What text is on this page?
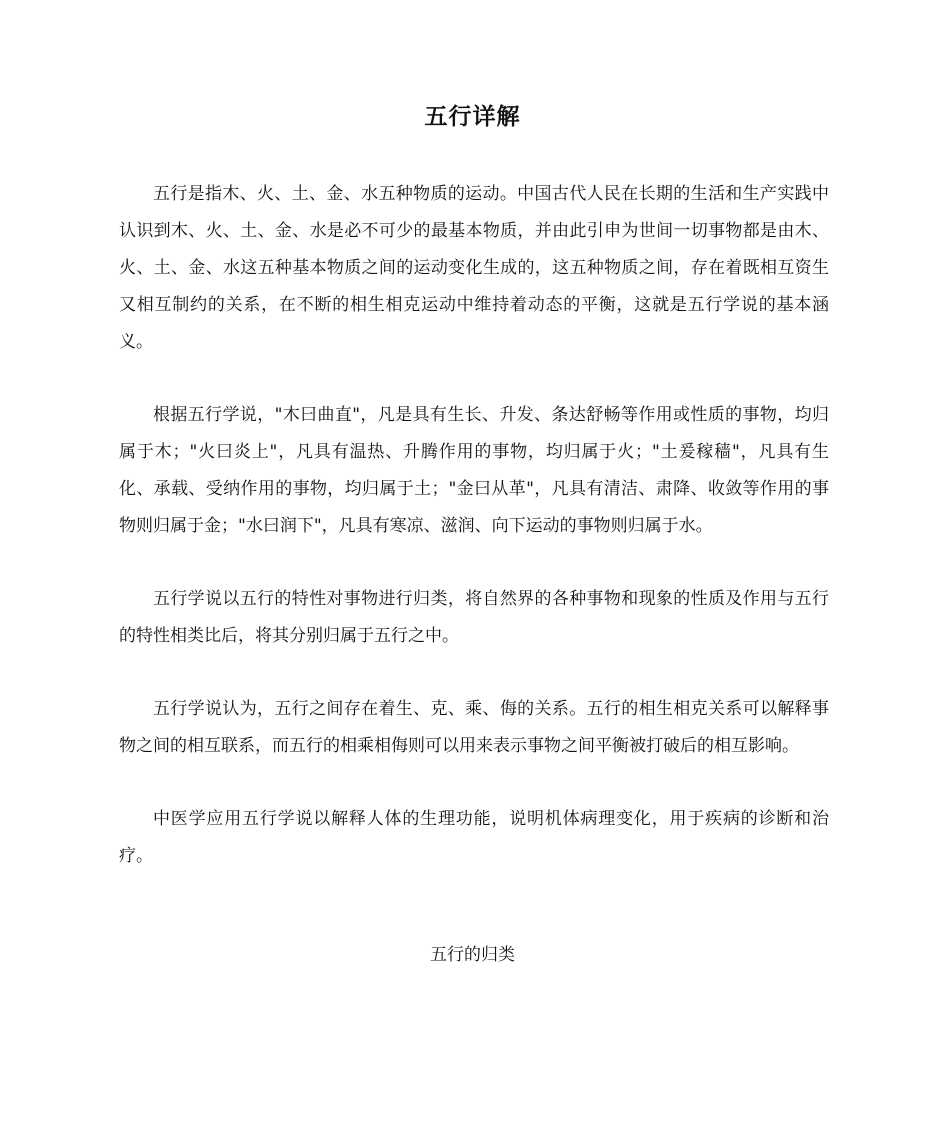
五行详解

五行是指木、火、土、金、水五种物质的运动。中国古代人民在长期的生活和生产实践中认识到木、火、土、金、水是必不可少的最基本物质，并由此引申为世间一切事物都是由木、火、土、金、水这五种基本物质之间的运动变化生成的，这五种物质之间，存在着既相互资生又相互制约的关系，在不断的相生相克运动中维持着动态的平衡，这就是五行学说的基本涵义。

根据五行学说，"木曰曲直"，凡是具有生长、升发、条达舒畅等作用或性质的事物，均归属于木；"火曰炎上"，凡具有温热、升腾作用的事物，均归属于火；"土爰稼穑"，凡具有生化、承载、受纳作用的事物，均归属于土；"金曰从革"，凡具有清洁、肃降、收敛等作用的事物则归属于金；"水曰润下"，凡具有寒凉、滋润、向下运动的事物则归属于水。

五行学说以五行的特性对事物进行归类，将自然界的各种事物和现象的性质及作用与五行的特性相类比后，将其分别归属于五行之中。

五行学说认为，五行之间存在着生、克、乘、侮的关系。五行的相生相克关系可以解释事物之间的相互联系，而五行的相乘相侮则可以用来表示事物之间平衡被打破后的相互影响。

中医学应用五行学说以解释人体的生理功能，说明机体病理变化，用于疾病的诊断和治疗。

五行的归类
